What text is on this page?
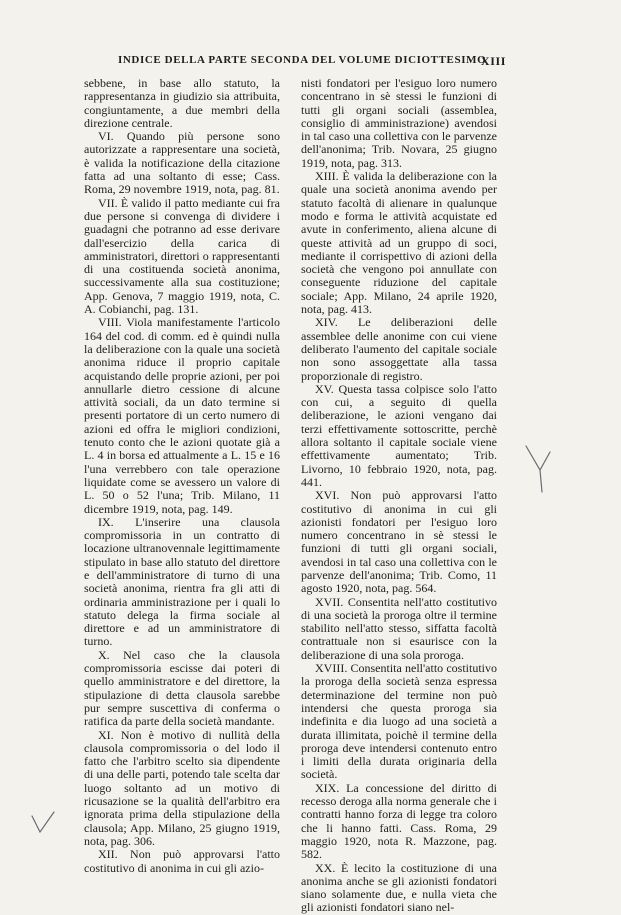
INDICE DELLA PARTE SECONDA DEL VOLUME DICIOTTESIMO
XIII

sebbene, in base allo statuto, la rappresentanza in giudizio sia attribuita, congiuntamente, a due membri della direzione centrale.

VI. Quando più persone sono autorizzate a rappresentare una società, è valida la notificazione della citazione fatta ad una soltanto di esse; Cass. Roma, 29 novembre 1919, nota, pag. 81.

VII. È valido il patto mediante cui fra due persone si convenga di dividere i guadagni che potranno ad esse derivare dall'esercizio della carica di amministratori, direttori o rappresentanti di una costituenda società anonima, successivamente alla sua costituzione; App. Genova, 7 maggio 1919, nota, C. A. Cobianchi, pag. 131.

VIII. Viola manifestamente l'articolo 164 del cod. di comm. ed è quindi nulla la deliberazione con la quale una società anonima riduce il proprio capitale acquistando delle proprie azioni, per poi annullarle dietro cessione di alcune attività sociali, da un dato termine si presenti portatore di un certo numero di azioni ed offra le migliori condizioni, tenuto conto che le azioni quotate già a L. 4 in borsa ed attualmente a L. 15 e 16 l'una verrebbero con tale operazione liquidate come se avessero un valore di L. 50 o 52 l'una; Trib. Milano, 11 dicembre 1919, nota, pag. 149.

IX. L'inserire una clausola compromissoria in un contratto di locazione ultranovennale legittimamente stipulato in base allo statuto del direttore e dell'amministratore di turno di una società anonima, rientra fra gli atti di ordinaria amministrazione per i quali lo statuto delega la firma sociale al direttore e ad un amministratore di turno.

X. Nel caso che la clausola compromissoria escisse dai poteri di quello amministratore e del direttore, la stipulazione di detta clausola sarebbe pur sempre suscettiva di conferma o ratifica da parte della società mandante.

XI. Non è motivo di nullità della clausola compromissoria o del lodo il fatto che l'arbitro scelto sia dipendente di una delle parti, potendo tale scelta dar luogo soltanto ad un motivo di ricusazione se la qualità dell'arbitro era ignorata prima della stipulazione della clausola; App. Milano, 25 giugno 1919, nota, pag. 306.

XII. Non può approvarsi l'atto costitutivo di anonima in cui gli azio-

nisti fondatori per l'esiguo loro numero concentrano in sè stessi le funzioni di tutti gli organi sociali (assemblea, consiglio di amministrazione) avendosi in tal caso una collettiva con le parvenze dell'anonima; Trib. Novara, 25 giugno 1919, nota, pag. 313.

XIII. È valida la deliberazione con la quale una società anonima avendo per statuto facoltà di alienare in qualunque modo e forma le attività acquistate ed avute in conferimento, aliena alcune di queste attività ad un gruppo di soci, mediante il corrispettivo di azioni della società che vengono poi annullate con conseguente riduzione del capitale sociale; App. Milano, 24 aprile 1920, nota, pag. 413.

XIV. Le deliberazioni delle assemblee delle anonime con cui viene deliberato l'aumento del capitale sociale non sono assoggettate alla tassa proporzionale di registro.

XV. Questa tassa colpisce solo l'atto con cui, a seguito di quella deliberazione, le azioni vengano dai terzi effettivamente sottoscritte, perchè allora soltanto il capitale sociale viene effettivamente aumentato; Trib. Livorno, 10 febbraio 1920, nota, pag. 441.

XVI. Non può approvarsi l'atto costitutivo di anonima in cui gli azionisti fondatori per l'esiguo loro numero concentrano in sè stessi le funzioni di tutti gli organi sociali, avendosi in tal caso una collettiva con le parvenze dell'anonima; Trib. Como, 11 agosto 1920, nota, pag. 564.

XVII. Consentita nell'atto costitutivo di una società la proroga oltre il termine stabilito nell'atto stesso, siffatta facoltà contrattuale non si esaurisce con la deliberazione di una sola proroga.

XVIII. Consentita nell'atto costitutivo la proroga della società senza espressa determinazione del termine non può intendersi che questa proroga sia indefinita e dia luogo ad una società a durata illimitata, poichè il termine della proroga deve intendersi contenuto entro i limiti della durata originaria della società.

XIX. La concessione del diritto di recesso deroga alla norma generale che i contratti hanno forza di legge tra coloro che li hanno fatti. Cass. Roma, 29 maggio 1920, nota R. Mazzone, pag. 582.

XX. È lecito la costituzione di una anonima anche se gli azionisti fondatori siano solamente due, e nulla vieta che gli azionisti fondatori siano nel-
